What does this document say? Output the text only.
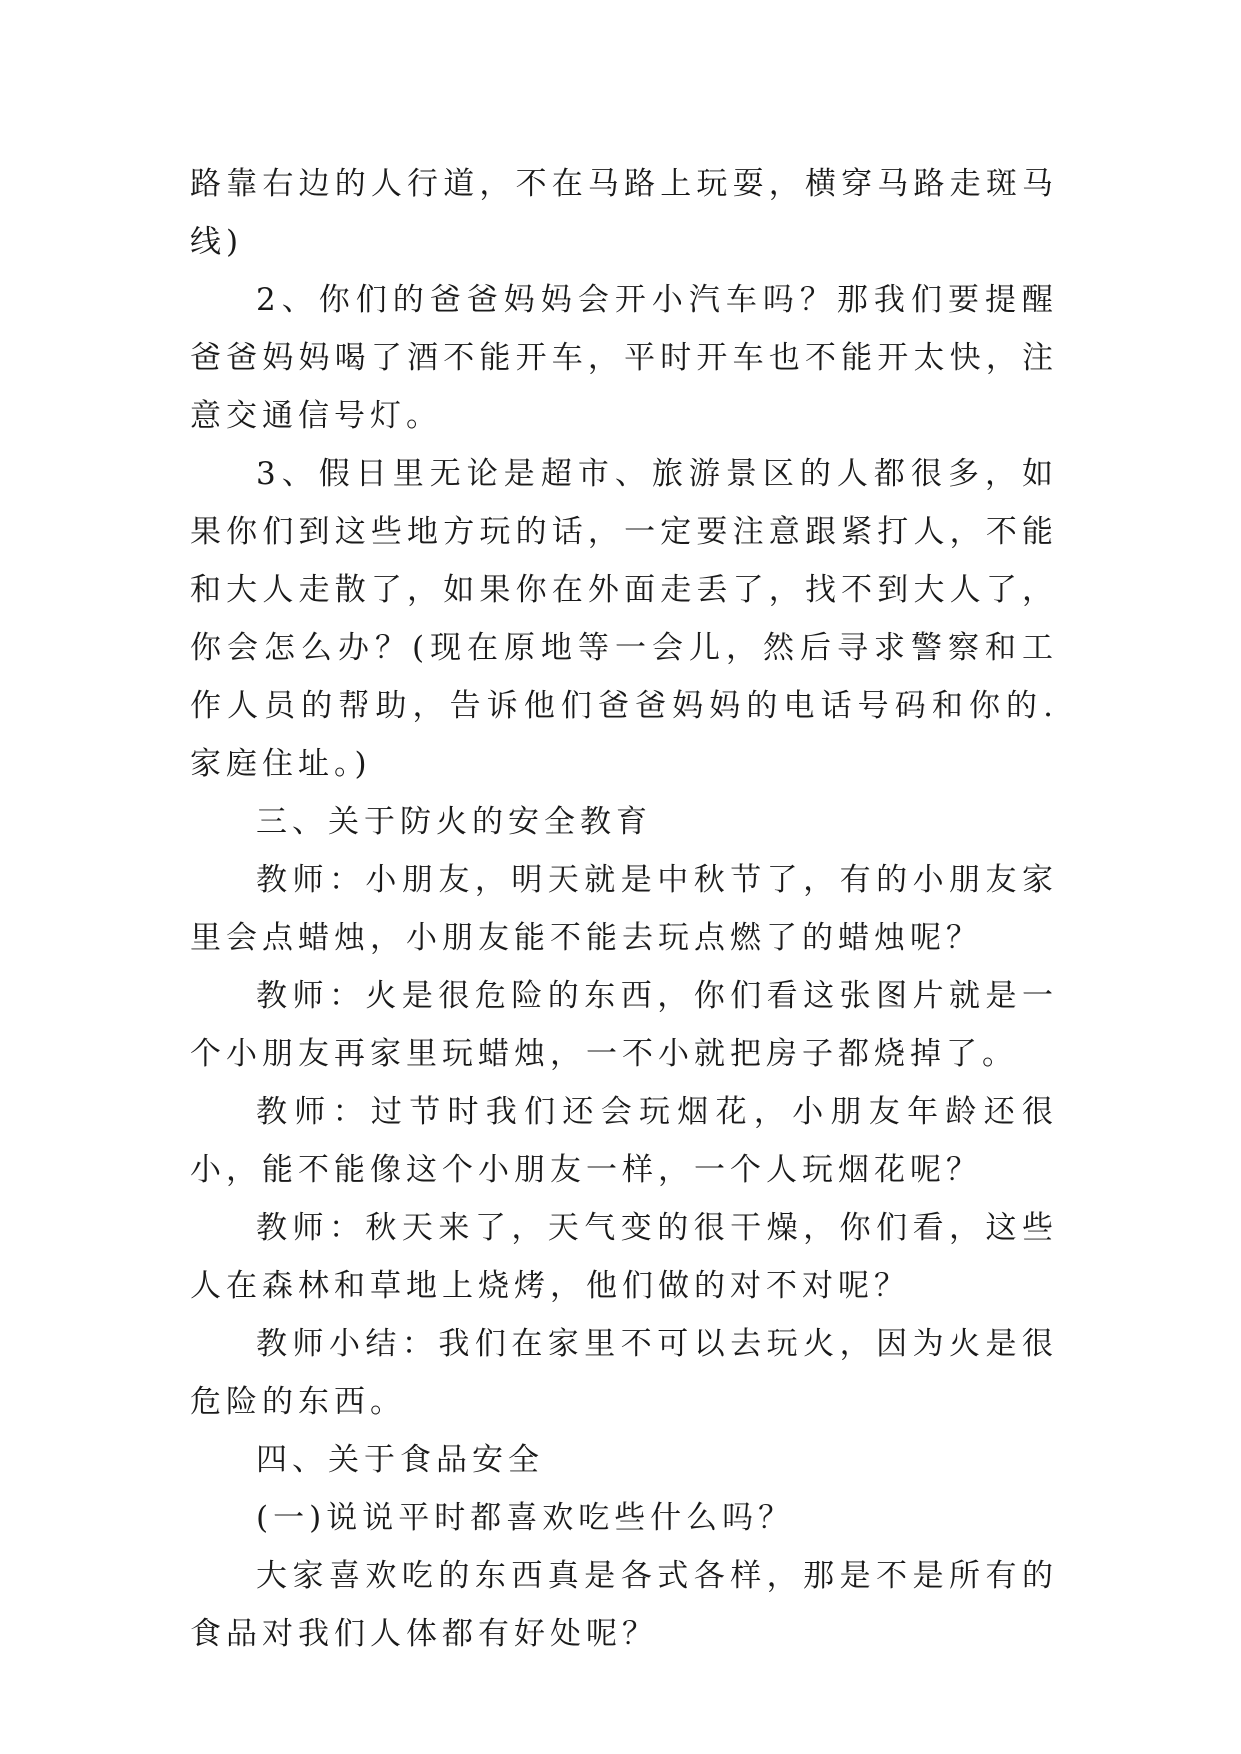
路靠右边的人行道，不在马路上玩耍，横穿马路走斑马线)

2、你们的爸爸妈妈会开小汽车吗？那我们要提醒爸爸妈妈喝了酒不能开车，平时开车也不能开太快，注意交通信号灯。

3、假日里无论是超市、旅游景区的人都很多，如果你们到这些地方玩的话，一定要注意跟紧打人，不能和大人走散了，如果你在外面走丢了，找不到大人了，你会怎么办？(现在原地等一会儿，然后寻求警察和工作人员的帮助，告诉他们爸爸妈妈的电话号码和你的.家庭住址。)

三、关于防火的安全教育

教师：小朋友，明天就是中秋节了，有的小朋友家里会点蜡烛，小朋友能不能去玩点燃了的蜡烛呢？

教师：火是很危险的东西，你们看这张图片就是一个小朋友再家里玩蜡烛，一不小就把房子都烧掉了。

教师：过节时我们还会玩烟花，小朋友年龄还很小，能不能像这个小朋友一样，一个人玩烟花呢？

教师：秋天来了，天气变的很干燥，你们看，这些人在森林和草地上烧烤，他们做的对不对呢？

教师小结：我们在家里不可以去玩火，因为火是很危险的东西。

四、关于食品安全

(一)说说平时都喜欢吃些什么吗？

大家喜欢吃的东西真是各式各样，那是不是所有的食品对我们人体都有好处呢？
